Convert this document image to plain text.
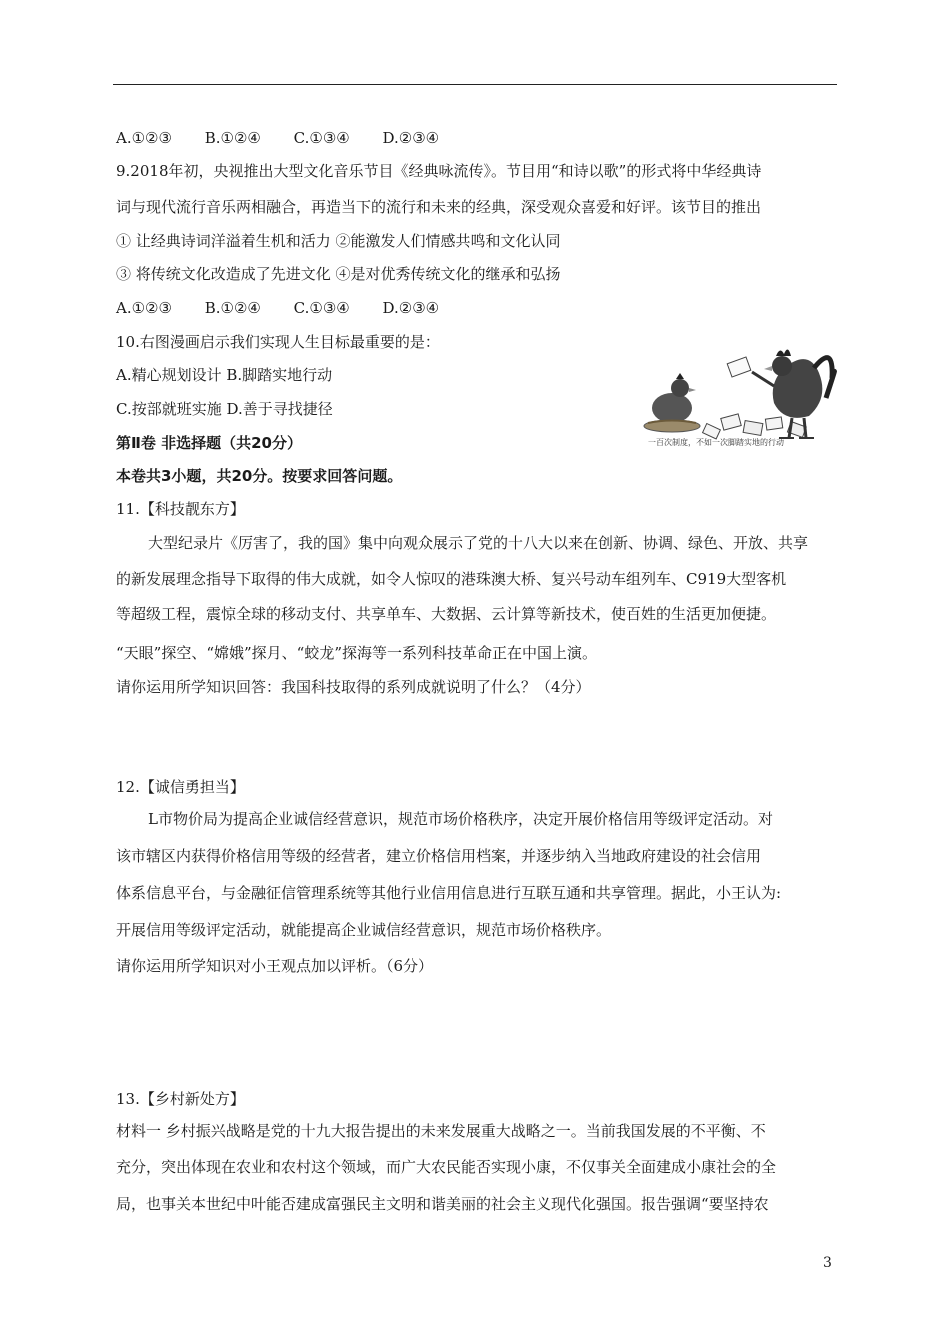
A.①②③ B.①②④ C.①③④ D.②③④
9.2018年初，央视推出大型文化音乐节目《经典咏流传》。节目用“和诗以歌”的形式将中华经典诗
词与现代流行音乐两相融合，再造当下的流行和未来的经典，深受观众喜爱和好评。该节目的推出
① 让经典诗词洋溢着生机和活力 ②能激发人们情感共鸣和文化认同
③ 将传统文化改造成了先进文化 ④是对优秀传统文化的继承和弘扬
A.①②③ B.①②④ C.①③④ D.②③④
10.右图漫画启示我们实现人生目标最重要的是：
A.精心规划设计 B.脚踏实地行动
C.按部就班实施 D.善于寻找捷径
一百次制度，不如一次脚踏实地的行动
第Ⅱ卷 非选择题（共20分）
本卷共3小题，共20分。按要求回答问题。
11.【科技靓东方】
大型纪录片《厉害了，我的国》集中向观众展示了党的十八大以来在创新、协调、绿色、开放、共享
的新发展理念指导下取得的伟大成就，如令人惊叹的港珠澳大桥、复兴号动车组列车、C919大型客机
等超级工程，震惊全球的移动支付、共享单车、大数据、云计算等新技术，使百姓的生活更加便捷。
“天眼”探空、“嫦娥”探月、“蛟龙”探海等一系列科技革命正在中国上演。
请你运用所学知识回答：我国科技取得的系列成就说明了什么？（4分）
12.【诚信勇担当】
L市物价局为提高企业诚信经营意识，规范市场价格秩序，决定开展价格信用等级评定活动。对
该市辖区内获得价格信用等级的经营者，建立价格信用档案，并逐步纳入当地政府建设的社会信用
体系信息平台，与金融征信管理系统等其他行业信用信息进行互联互通和共享管理。据此，小王认为:
开展信用等级评定活动，就能提高企业诚信经营意识，规范市场价格秩序。
请你运用所学知识对小王观点加以评析。（6分）
13.【乡村新处方】
材料一 乡村振兴战略是党的十九大报告提出的未来发展重大战略之一。当前我国发展的不平衡、不
充分，突出体现在农业和农村这个领域，而广大农民能否实现小康，不仅事关全面建成小康社会的全
局，也事关本世纪中叶能否建成富强民主文明和谐美丽的社会主义现代化强国。报告强调“要坚持农
3
